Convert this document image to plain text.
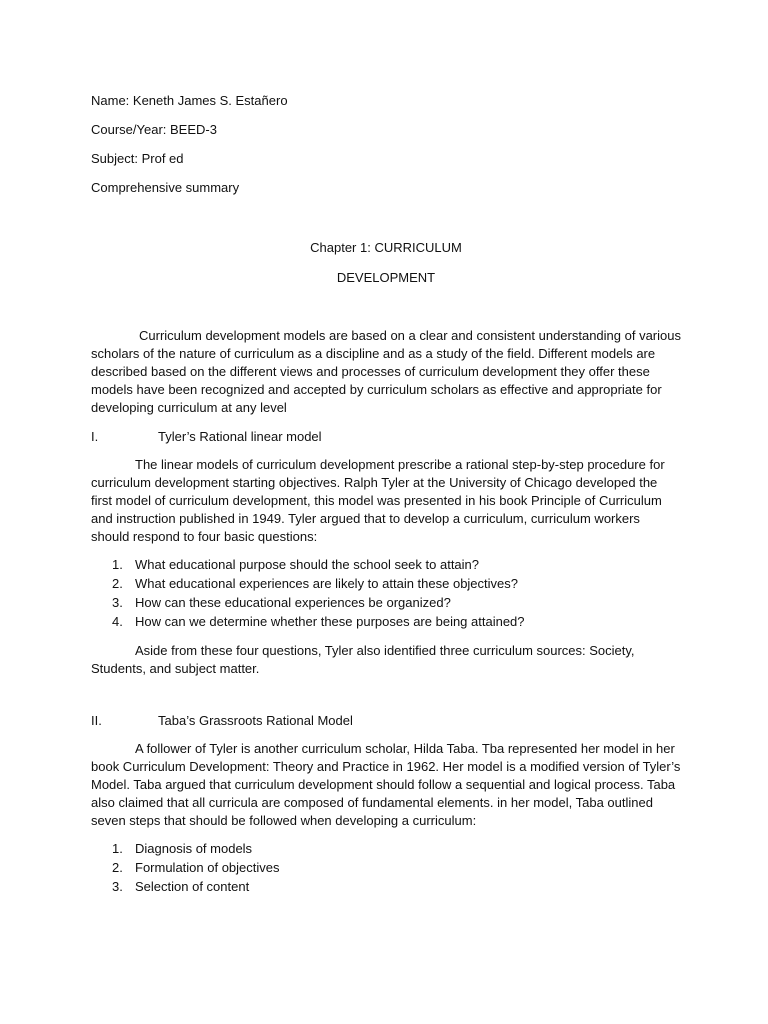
Name: Keneth James S. Estañero
Course/Year: BEED-3
Subject: Prof ed
Comprehensive summary
Chapter 1: CURRICULUM
DEVELOPMENT

Curriculum development models are based on a clear and consistent understanding of various scholars of the nature of curriculum as a discipline and as a study of the field. Different models are described based on the different views and processes of curriculum development they offer these models have been recognized and accepted by curriculum scholars as effective and appropriate for developing curriculum at any level

I.	Tyler’s Rational linear model

The linear models of curriculum development prescribe a rational step-by-step procedure for curriculum development starting objectives. Ralph Tyler at the University of Chicago developed the first model of curriculum development, this model was presented in his book Principle of Curriculum and instruction published in 1949. Tyler argued that to develop a curriculum, curriculum workers should respond to four basic questions:

1. What educational purpose should the school seek to attain?
2. What educational experiences are likely to attain these objectives?
3. How can these educational experiences be organized?
4. How can we determine whether these purposes are being attained?

Aside from these four questions, Tyler also identified three curriculum sources: Society, Students, and subject matter.

II.	Taba’s Grassroots Rational Model

A follower of Tyler is another curriculum scholar, Hilda Taba. Tba represented her model in her book Curriculum Development: Theory and Practice in 1962. Her model is a modified version of Tyler’s Model. Taba argued that curriculum development should follow a sequential and logical process. Taba also claimed that all curricula are composed of fundamental elements. in her model, Taba outlined seven steps that should be followed when developing a curriculum:

1. Diagnosis of models
2. Formulation of objectives
3. Selection of content
